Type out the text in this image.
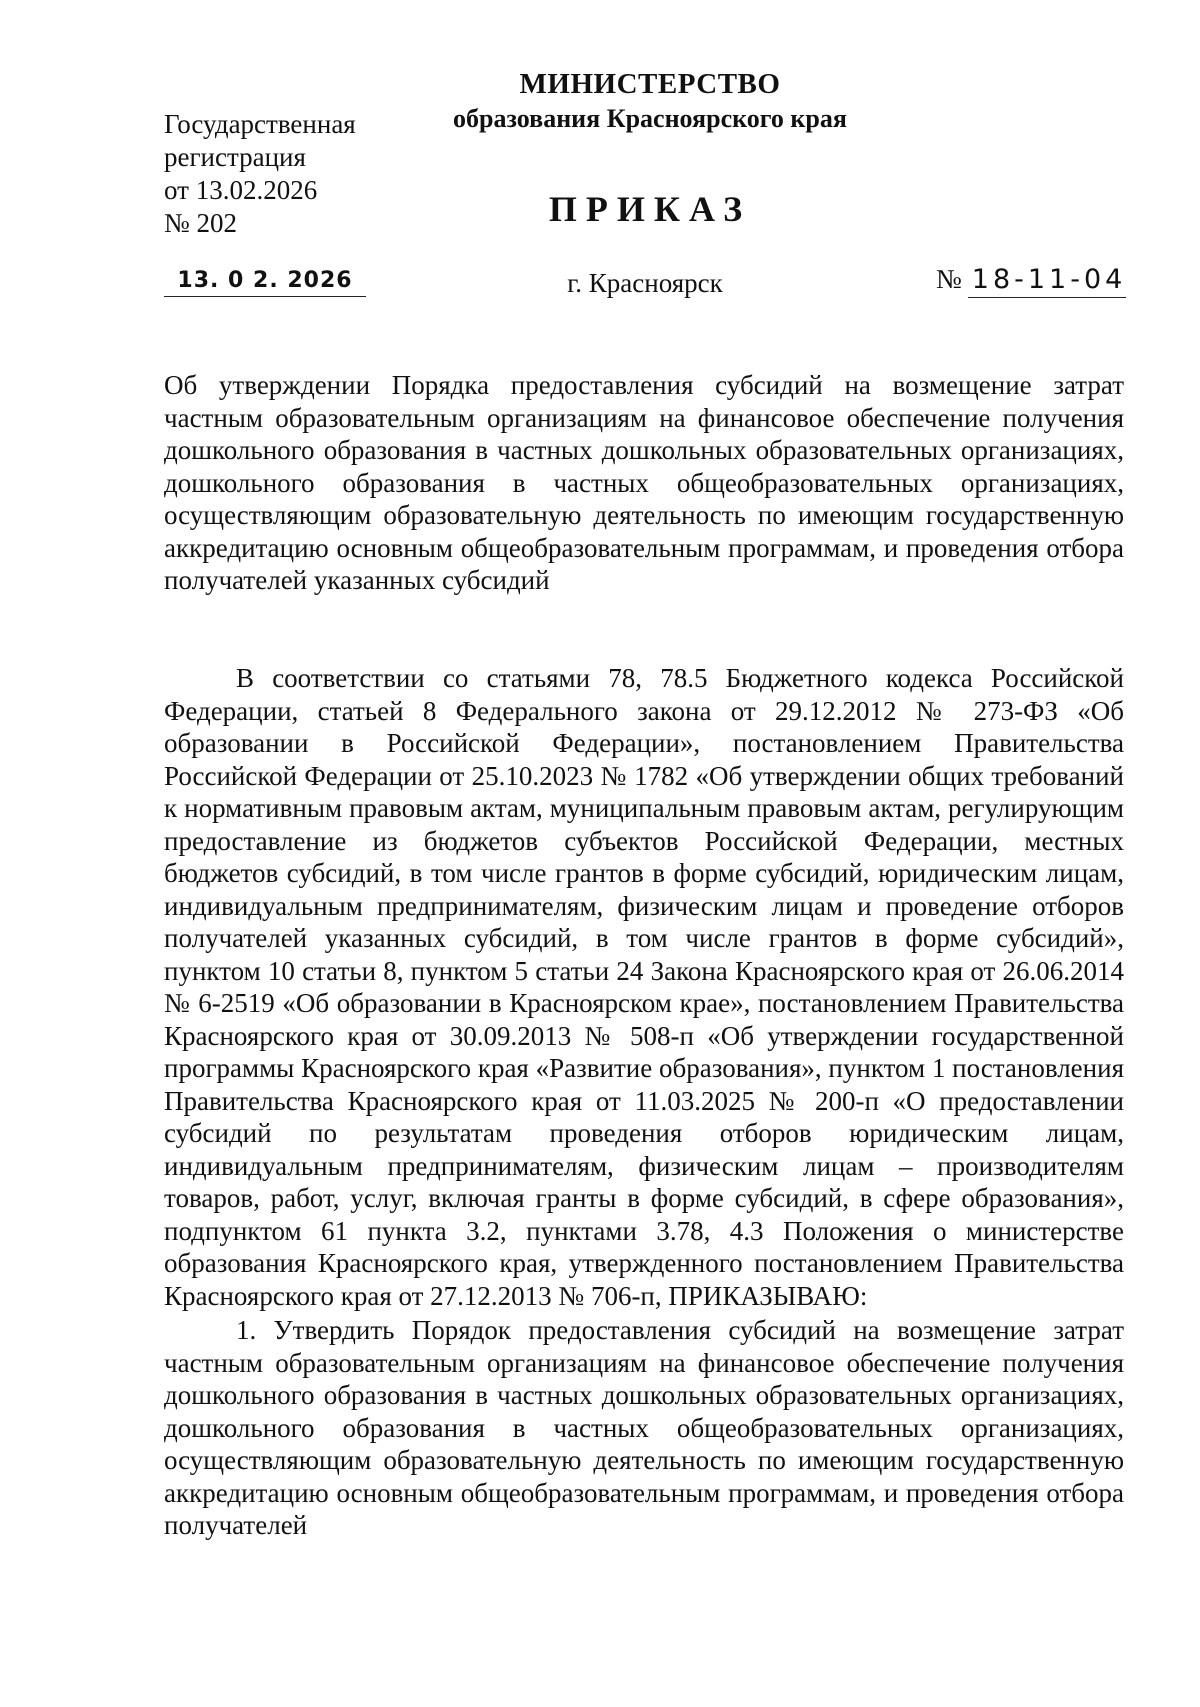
Государственная
регистрация
от 13.02.2026
№ 202
МИНИСТЕРСТВО
образования Красноярского края
ПРИКАЗ
13. 0 2. 2026	г. Красноярск	№ 18-11-04

Об утверждении Порядка предоставления субсидий на возмещение затрат частным образовательным организациям на финансовое обеспечение получения дошкольного образования в частных дошкольных образовательных организациях, дошкольного образования в частных общеобразовательных организациях, осуществляющим образовательную деятельность по имеющим государственную аккредитацию основным общеобразовательным программам, и проведения отбора получателей указанных субсидий

В соответствии со статьями 78, 78.5 Бюджетного кодекса Российской Федерации, статьей 8 Федерального закона от 29.12.2012 № 273-ФЗ «Об образовании в Российской Федерации», постановлением Правительства Российской Федерации от 25.10.2023 № 1782 «Об утверждении общих требований к нормативным правовым актам, муниципальным правовым актам, регулирующим предоставление из бюджетов субъектов Российской Федерации, местных бюджетов субсидий, в том числе грантов в форме субсидий, юридическим лицам, индивидуальным предпринимателям, физическим лицам и проведение отборов получателей указанных субсидий, в том числе грантов в форме субсидий», пунктом 10 статьи 8, пунктом 5 статьи 24 Закона Красноярского края от 26.06.2014 № 6-2519 «Об образовании в Красноярском крае», постановлением Правительства Красноярского края от 30.09.2013 № 508-п «Об утверждении государственной программы Красноярского края «Развитие образования», пунктом 1 постановления Правительства Красноярского края от 11.03.2025 № 200-п «О предоставлении субсидий по результатам проведения отборов юридическим лицам, индивидуальным предпринимателям, физическим лицам – производителям товаров, работ, услуг, включая гранты в форме субсидий, в сфере образования», подпунктом 61 пункта 3.2, пунктами 3.78, 4.3 Положения о министерстве образования Красноярского края, утвержденного постановлением Правительства Красноярского края от 27.12.2013 № 706-п, ПРИКАЗЫВАЮ:

1. Утвердить Порядок предоставления субсидий на возмещение затрат частным образовательным организациям на финансовое обеспечение получения дошкольного образования в частных дошкольных образовательных организациях, дошкольного образования в частных общеобразовательных организациях, осуществляющим образовательную деятельность по имеющим государственную аккредитацию основным общеобразовательным программам, и проведения отбора получателей
